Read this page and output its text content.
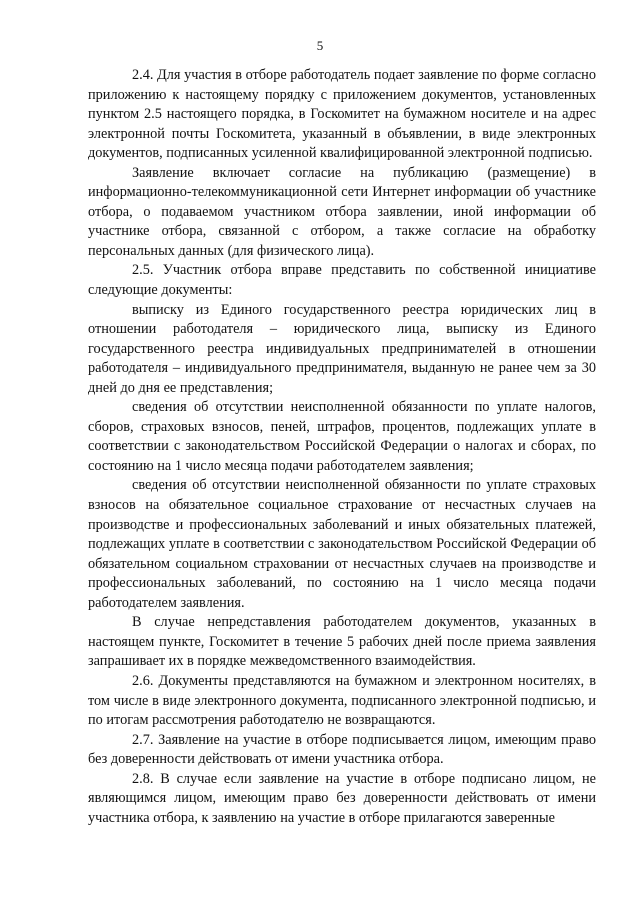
5

2.4. Для участия в отборе работодатель подает заявление по форме согласно приложению к настоящему порядку с приложением документов, установленных пунктом 2.5 настоящего порядка, в Госкомитет на бумажном носителе и на адрес электронной почты Госкомитета, указанный в объявлении, в виде электронных документов, подписанных усиленной квалифицированной электронной подписью.

Заявление включает согласие на публикацию (размещение) в информационно-телекоммуникационной сети Интернет информации об участнике отбора, о подаваемом участником отбора заявлении, иной информации об участнике отбора, связанной с отбором, а также согласие на обработку персональных данных (для физического лица).

2.5. Участник отбора вправе представить по собственной инициативе следующие документы:

выписку из Единого государственного реестра юридических лиц в отношении работодателя – юридического лица, выписку из Единого государственного реестра индивидуальных предпринимателей в отношении работодателя – индивидуального предпринимателя, выданную не ранее чем за 30 дней до дня ее представления;

сведения об отсутствии неисполненной обязанности по уплате налогов, сборов, страховых взносов, пеней, штрафов, процентов, подлежащих уплате в соответствии с законодательством Российской Федерации о налогах и сборах, по состоянию на 1 число месяца подачи работодателем заявления;

сведения об отсутствии неисполненной обязанности по уплате страховых взносов на обязательное социальное страхование от несчастных случаев на производстве и профессиональных заболеваний и иных обязательных платежей, подлежащих уплате в соответствии с законодательством Российской Федерации об обязательном социальном страховании от несчастных случаев на производстве и профессиональных заболеваний, по состоянию на 1 число месяца подачи работодателем заявления.

В случае непредставления работодателем документов, указанных в настоящем пункте, Госкомитет в течение 5 рабочих дней после приема заявления запрашивает их в порядке межведомственного взаимодействия.

2.6. Документы представляются на бумажном и электронном носителях, в том числе в виде электронного документа, подписанного электронной подписью, и по итогам рассмотрения работодателю не возвращаются.

2.7. Заявление на участие в отборе подписывается лицом, имеющим право без доверенности действовать от имени участника отбора.

2.8. В случае если заявление на участие в отборе подписано лицом, не являющимся лицом, имеющим право без доверенности действовать от имени участника отбора, к заявлению на участие в отборе прилагаются заверенные
